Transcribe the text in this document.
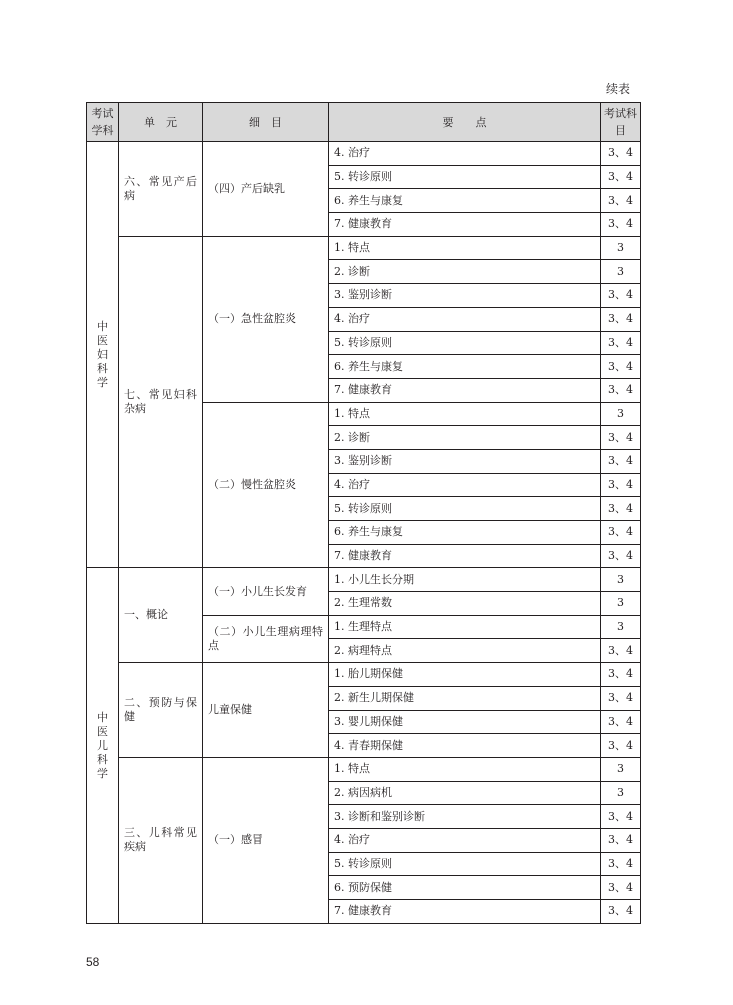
续表
考试学科	单　元	细　目	要　　点	考试科目

中医妇科学	六、常见产后病	（四）产后缺乳	4. 治疗	3、4
			5. 转诊原则	3、4
			6. 养生与康复	3、4
			7. 健康教育	3、4

	七、常见妇科杂病	（一）急性盆腔炎	1. 特点	3
			2. 诊断	3
			3. 鉴别诊断	3、4
			4. 治疗	3、4
			5. 转诊原则	3、4
			6. 养生与康复	3、4
			7. 健康教育	3、4

		（二）慢性盆腔炎	1. 特点	3
			2. 诊断	3、4
			3. 鉴别诊断	3、4
			4. 治疗	3、4
			5. 转诊原则	3、4
			6. 养生与康复	3、4
			7. 健康教育	3、4

中医儿科学	一、概论	（一）小儿生长发育	1. 小儿生长分期	3
			2. 生理常数	3

		（二）小儿生理病理特点	1. 生理特点	3
			2. 病理特点	3、4

	二、预防与保健	儿童保健	1. 胎儿期保健	3、4
			2. 新生儿期保健	3、4
			3. 婴儿期保健	3、4
			4. 青春期保健	3、4

	三、儿科常见疾病	（一）感冒	1. 特点	3
			2. 病因病机	3
			3. 诊断和鉴别诊断	3、4
			4. 治疗	3、4
			5. 转诊原则	3、4
			6. 预防保健	3、4
			7. 健康教育	3、4
58
